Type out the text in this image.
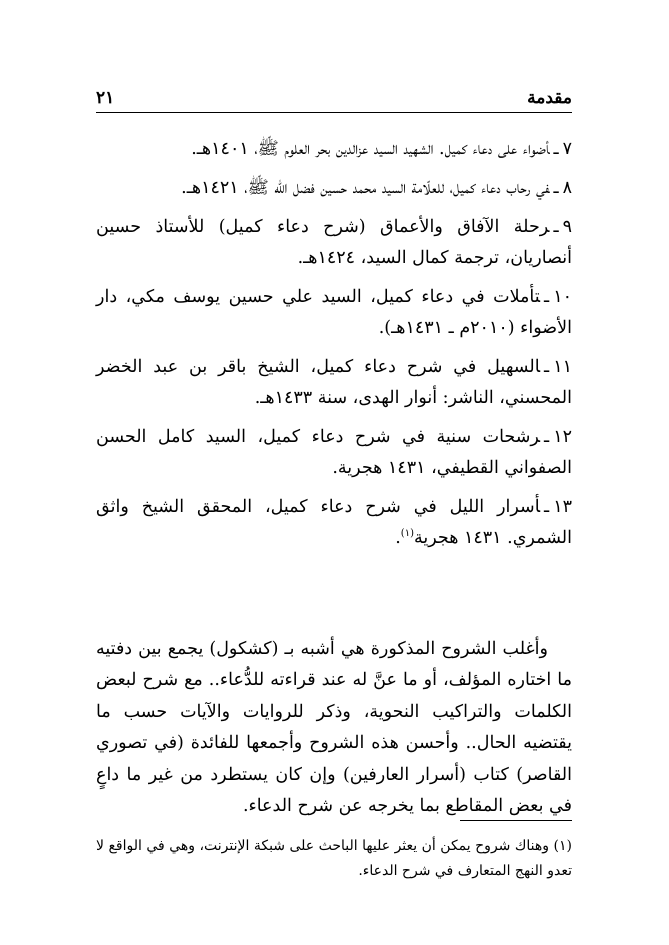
مقدمة
٢١
٧ـأضواء على دعاء كميل. الشهيد السيد عزالدين بحر العلوم ﷺ، ١٤٠١هـ.
٨ـفي رحاب دعاء كميل، للعلّامة السيد محمد حسين فضل الله ﷺ، ١٤٢١هـ.
٩ـرحلة الآفاق والأعماق (شرح دعاء كميل) للأستاذ حسين أنصاريان، ترجمة كمال السيد، ١٤٢٤هـ.
١٠ـتأملات في دعاء كميل، السيد علي حسين يوسف مكي، دار الأضواء (٢٠١٠م ـ ١٤٣١هـ).
١١ـالسهيل في شرح دعاء كميل، الشيخ باقر بن عبد الخضر المحسني، الناشر: أنوار الهدى، سنة ١٤٣٣هـ.
١٢ـرشحات سنية في شرح دعاء كميل، السيد كامل الحسن الصفواني القطيفي، ١٤٣١ هجرية.
١٣ـأسرار الليل في شرح دعاء كميل، المحقق الشيخ واثق الشمري. ١٤٣١ هجرية$^{(١)}$.

وأغلب الشروح المذكورة هي أشبه بـ (كشكول) يجمع بين دفتيه ما اختاره المؤلف، أو ما عنَّ له عند قراءته للدُّعاء.. مع شرح لبعض الكلمات والتراكيب النحوية، وذكر للروايات والآيات حسب ما يقتضيه الحال.. وأحسن هذه الشروح وأجمعها للفائدة (في تصوري القاصر) كتاب (أسرار العارفين) وإن كان يستطرد من غير ما داعٍ في بعض المقاطع بما يخرجه عن شرح الدعاء.

(١) وهناك شروح يمكن أن يعثر عليها الباحث على شبكة الإنترنت، وهي في الواقع لا تعدو النهج المتعارف في شرح الدعاء.
